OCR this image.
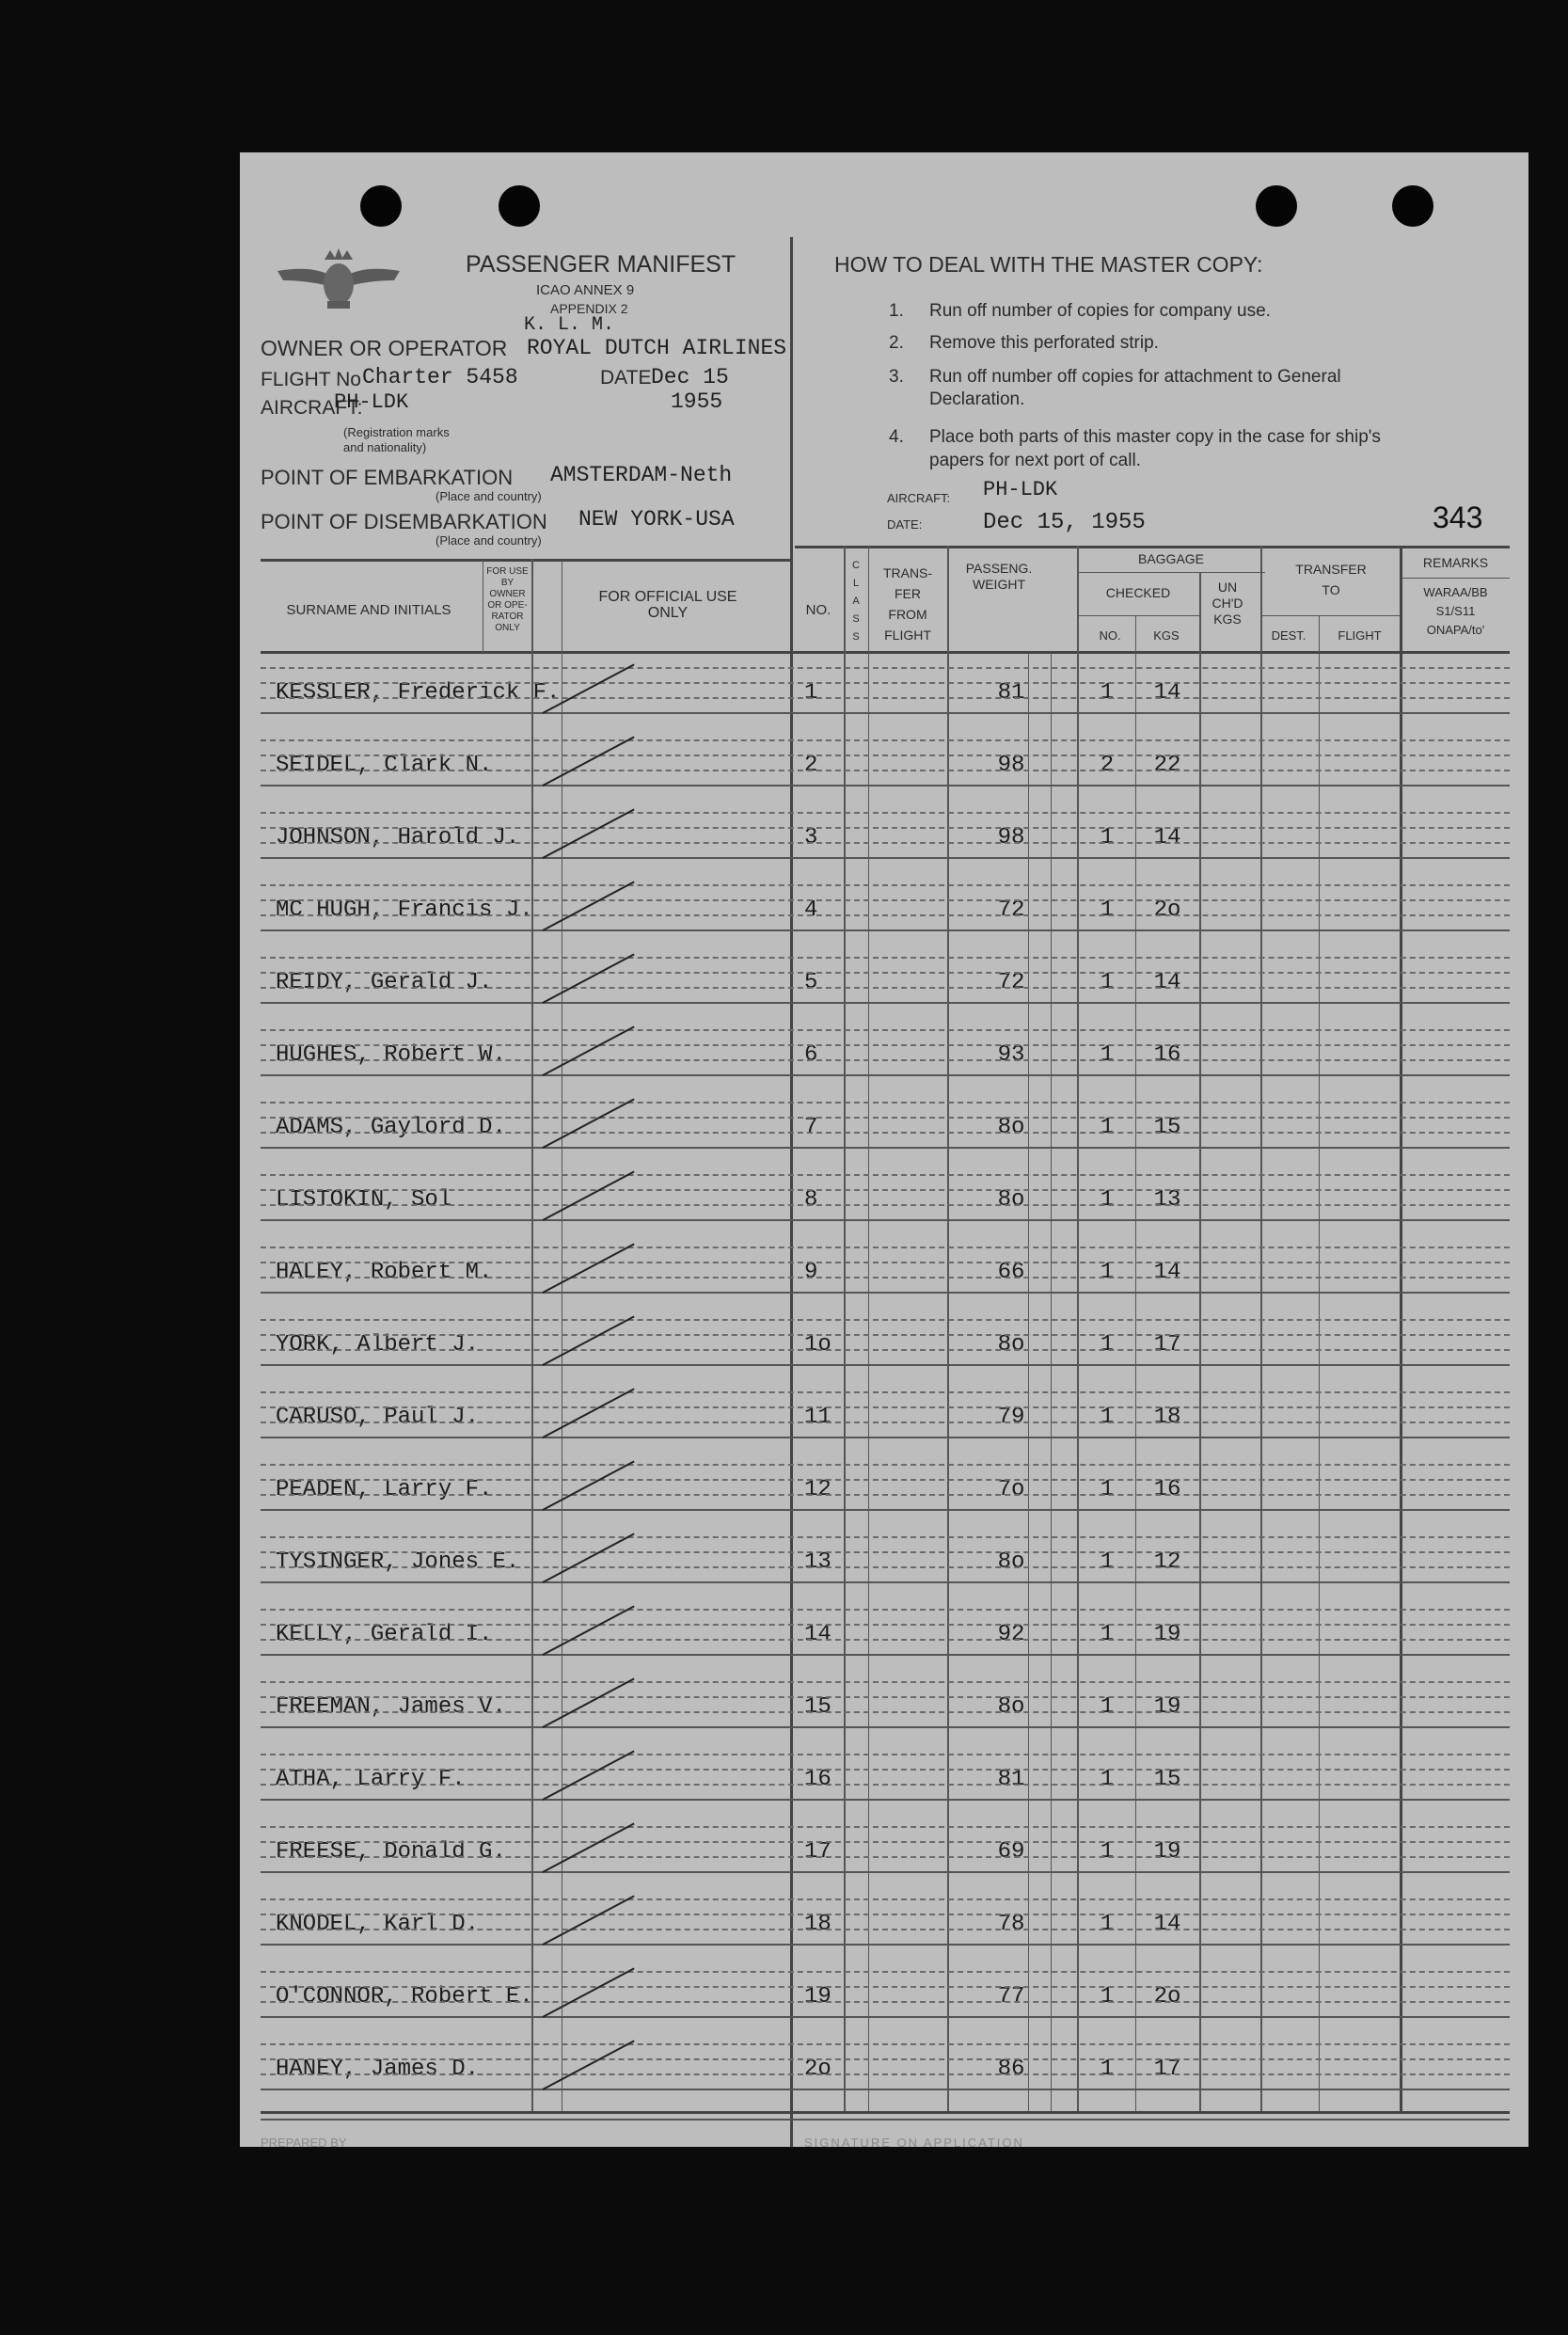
PASSENGER MANIFEST
ICAO ANNEX 9
APPENDIX 2
K. L. M.
OWNER OR OPERATOR ROYAL DUTCH AIRLINES
FLIGHT No Charter 5458	DATE Dec 15
1955
AIRCRAFT:
PH-LDK
(Registration marks
and nationality)
POINT OF EMBARKATION AMSTERDAM-Neth
(Place and country)
POINT OF DISEMBARKATION NEW YORK-USA
(Place and country)
HOW TO DEAL WITH THE MASTER COPY:
1. Run off number of copies for company use.
2. Remove this perforated strip.
3. Run off number off copies for attachment to General
Declaration.
4. Place both parts of this master copy in the case for ship's
papers for next port of call.
AIRCRAFT: PH-LDK
DATE:	Dec 15, 1955	343
SURNAME AND INITIALS
FOR USE
BY
OWNER
OR OPE-
RATOR
ONLY
FOR OFFICIAL USE
ONLY	NO.
C
L
A
S
S
TRANS-
FER
FROM
FLIGHT
PASSENG.
WEIGHT
BAGGAGE
CHECKED
NO.	KGS
UN
CH'D
KGS
TRANSFER
TO
DEST.	FLIGHT
REMARKS
WARAA/BB
S1/S11
ONAPA/to'
KESSLER, Frederick F.	1	81	1	14
SEIDEL, Clark N.	2	98	2	22
JOHNSON, Harold J.	3	98	1	14
MC HUGH, Francis J.	4	72	1	2o
REIDY, Gerald J.	5	72	1	14
HUGHES, Robert W.	6	93	1	16
ADAMS, Gaylord D.	7	8o	1	15
LISTOKIN, Sol	8	8o	1	13
HALEY, Robert M.	9	66	1	14
YORK, Albert J.	1o	8o	1	17
CARUSO, Paul J.	11	79	1	18
PEADEN, Larry F.	12	7o	1	16
TYSINGER, Jones E.	13	8o	1	12
KELLY, Gerald I.	14	92	1	19
FREEMAN, James V.	15	8o	1	19
ATHA, Larry F.	16	81	1	15
FREESE, Donald G.	17	69	1	19
KNODEL, Karl D.	18	78	1	14
O'CONNOR, Robert E.	19	77	1	2o
HANEY, James D.	2o	86	1	17
PREPARED BY	SIGNATURE ON APPLICATION
